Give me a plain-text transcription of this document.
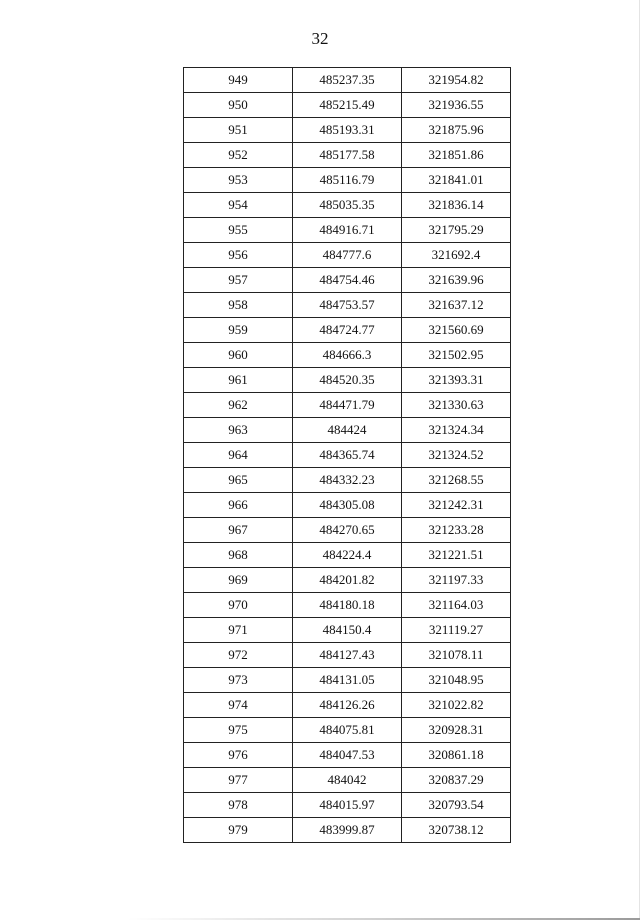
32
949	485237.35	321954.82
950	485215.49	321936.55
951	485193.31	321875.96
952	485177.58	321851.86
953	485116.79	321841.01
954	485035.35	321836.14
955	484916.71	321795.29
956	484777.6	321692.4
957	484754.46	321639.96
958	484753.57	321637.12
959	484724.77	321560.69
960	484666.3	321502.95
961	484520.35	321393.31
962	484471.79	321330.63
963	484424	321324.34
964	484365.74	321324.52
965	484332.23	321268.55
966	484305.08	321242.31
967	484270.65	321233.28
968	484224.4	321221.51
969	484201.82	321197.33
970	484180.18	321164.03
971	484150.4	321119.27
972	484127.43	321078.11
973	484131.05	321048.95
974	484126.26	321022.82
975	484075.81	320928.31
976	484047.53	320861.18
977	484042	320837.29
978	484015.97	320793.54
979	483999.87	320738.12
